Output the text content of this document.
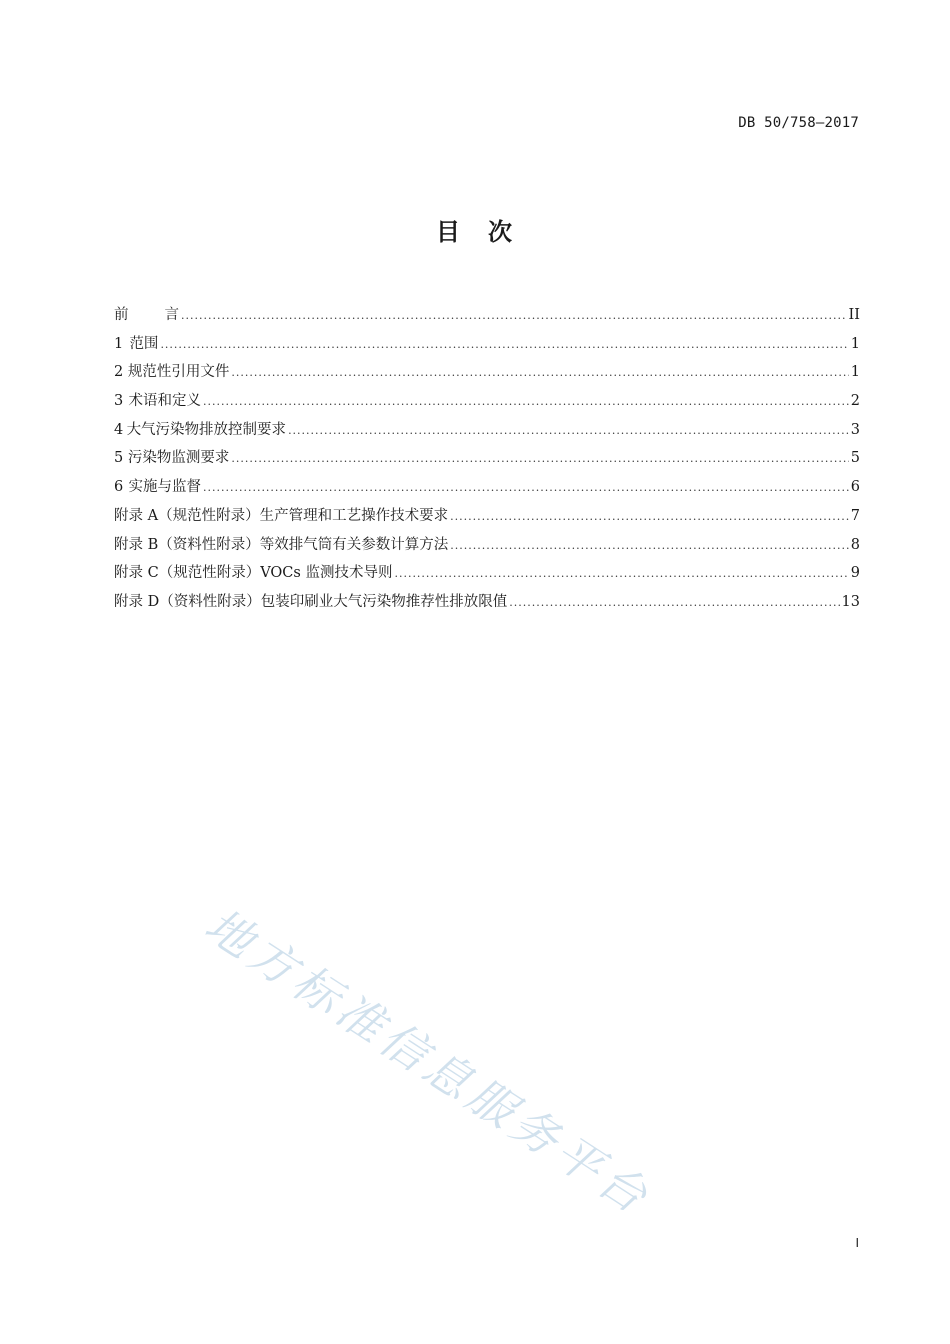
DB 50/758—2017
目 次
前 言 .....	II
1 范围 .....	1
2 规范性引用文件 .....	1
3 术语和定义 .....	2
4 大气污染物排放控制要求 .....	3
5 污染物监测要求 .....	5
6 实施与监督 .....	6
附录 A（规范性附录） 生产管理和工艺操作技术要求 .....	7
附录 B（资料性附录） 等效排气筒有关参数计算方法 .....	8
附录 C（规范性附录） VOCs 监测技术导则 .....	9
附录 D（资料性附录） 包装印刷业大气污染物推荐性排放限值 .....	13
地方标准信息服务平台
I
